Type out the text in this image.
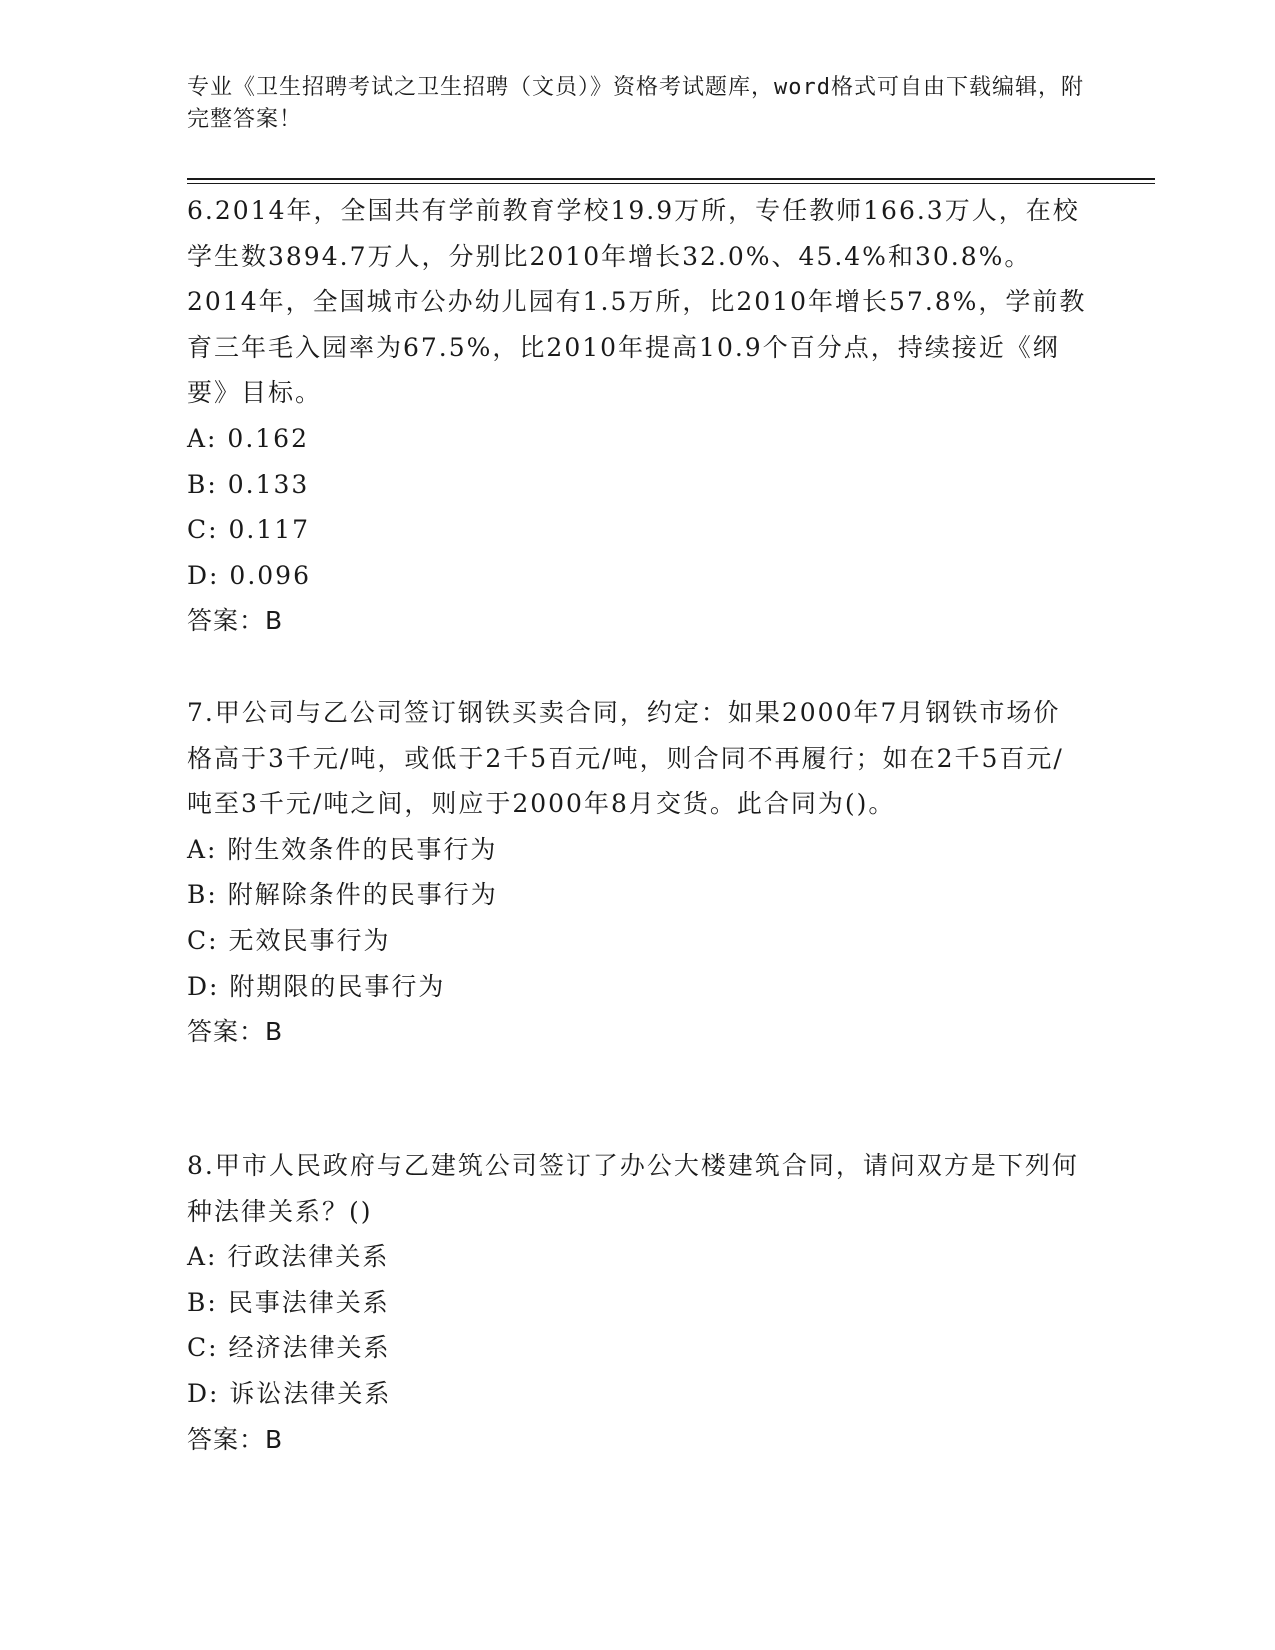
专业《卫生招聘考试之卫生招聘（文员）》资格考试题库，word格式可自由下载编辑，附完整答案！

6.2014年，全国共有学前教育学校19.9万所，专任教师166.3万人，在校学生数3894.7万人，分别比2010年增长32.0%、45.4%和30.8%。2014年，全国城市公办幼儿园有1.5万所，比2010年增长57.8%，学前教育三年毛入园率为67.5%，比2010年提高10.9个百分点，持续接近《纲要》目标。

A: 0.162

B: 0.133

C: 0.117

D: 0.096

答案：B

7.甲公司与乙公司签订钢铁买卖合同，约定：如果2000年7月钢铁市场价格高于3千元/吨，或低于2千5百元/吨，则合同不再履行；如在2千5百元/吨至3千元/吨之间，则应于2000年8月交货。此合同为()。

A: 附生效条件的民事行为

B: 附解除条件的民事行为

C: 无效民事行为

D: 附期限的民事行为

答案：B

8.甲市人民政府与乙建筑公司签订了办公大楼建筑合同，请问双方是下列何种法律关系？()

A: 行政法律关系

B: 民事法律关系

C: 经济法律关系

D: 诉讼法律关系

答案：B
